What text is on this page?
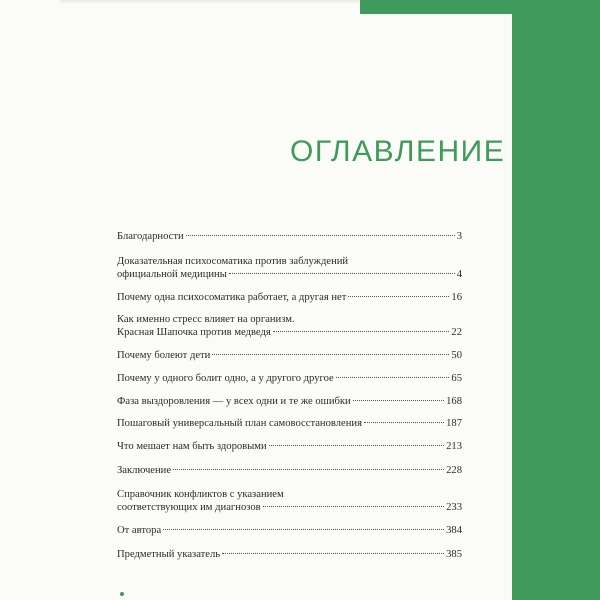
ОГЛАВЛЕНИЕ
Благодарности	3
Доказательная психосоматика против заблуждений
официальной медицины	4
Почему одна психосоматика работает, а другая нет	16
Как именно стресс влияет на организм.
Красная Шапочка против медведя	22
Почему болеют дети	50
Почему у одного болит одно, а у другого другое	65
Фаза выздоровления — у всех одни и те же ошибки	168
Пошаговый универсальный план самовосстановления	187
Что мешает нам быть здоровыми	213
Заключение	228
Справочник конфликтов с указанием
соответствующих им диагнозов	233
От автора	384
Предметный указатель	385
